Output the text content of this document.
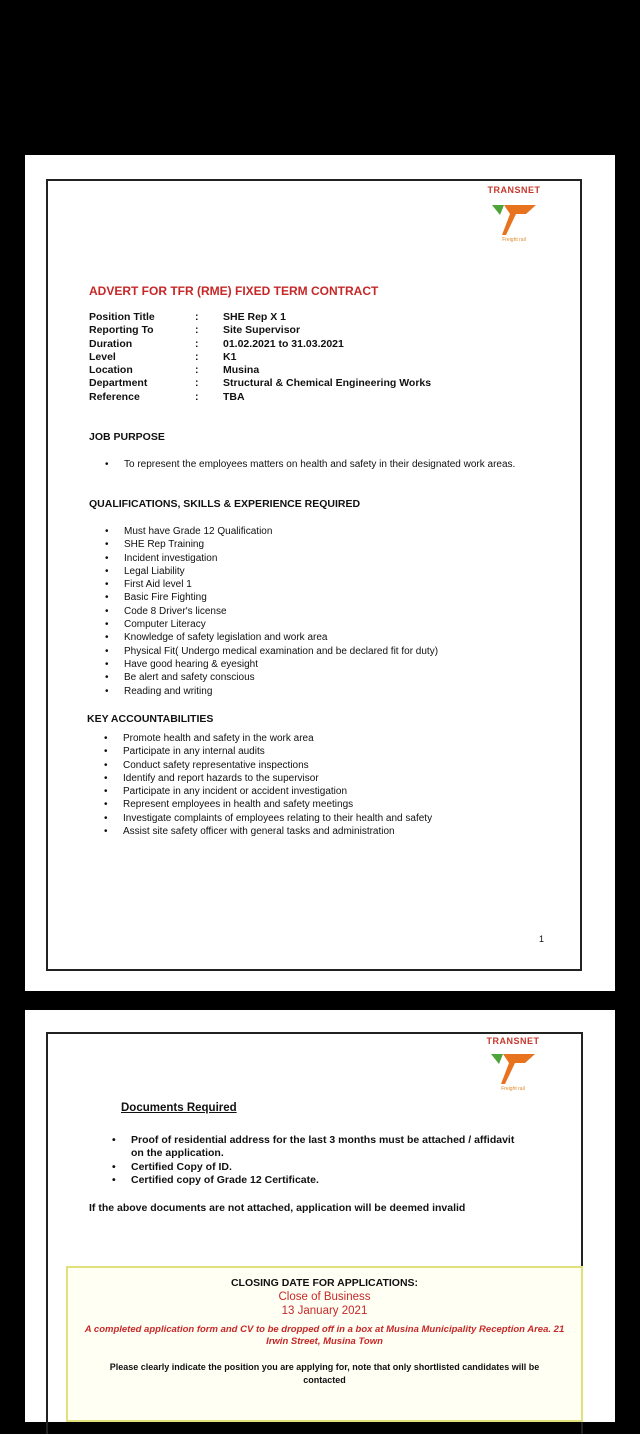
TRANSNET
Freight rail
ADVERT FOR TFR (RME) FIXED TERM CONTRACT
Position Title
Reporting To
Duration
Level
Location
Department
Reference
:
:
:
:
:
:
:
SHE Rep X 1
Site Supervisor
01.02.2021 to 31.03.2021
K1
Musina
Structural & Chemical Engineering Works
TBA
JOB PURPOSE
• To represent the employees matters on health and safety in their designated work areas.
QUALIFICATIONS, SKILLS & EXPERIENCE REQUIRED
• Must have Grade 12 Qualification
• SHE Rep Training
• Incident investigation
• Legal Liability
• First Aid level 1
• Basic Fire Fighting
• Code 8 Driver's license
• Computer Literacy
• Knowledge of safety legislation and work area
• Physical Fit( Undergo medical examination and be declared fit for duty)
• Have good hearing & eyesight
• Be alert and safety conscious
• Reading and writing
KEY ACCOUNTABILITIES
• Promote health and safety in the work area
• Participate in any internal audits
• Conduct safety representative inspections
• Identify and report hazards to the supervisor
• Participate in any incident or accident investigation
• Represent employees in health and safety meetings
• Investigate complaints of employees relating to their health and safety
• Assist site safety officer with general tasks and administration
1
TRANSNET
Freight rail
Documents Required
• Proof of residential address for the last 3 months must be attached / affidavit on the application.
• Certified Copy of ID.
• Certified copy of Grade 12 Certificate.
If the above documents are not attached, application will be deemed invalid
CLOSING DATE FOR APPLICATIONS:
Close of Business
13 January 2021
A completed application form and CV to be dropped off in a box at Musina Municipality Reception Area. 21 Irwin Street, Musina Town
Please clearly indicate the position you are applying for, note that only shortlisted candidates will be contacted
